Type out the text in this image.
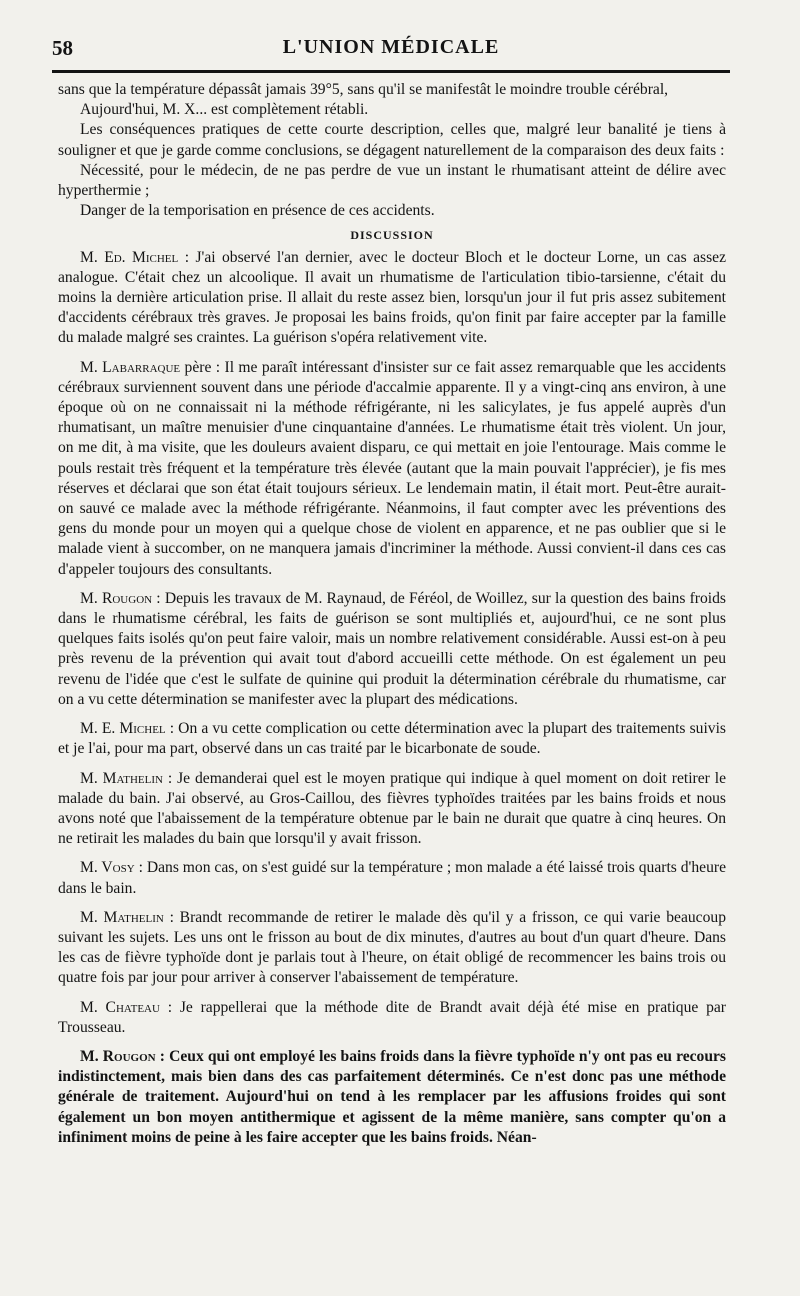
58	L'UNION MÉDICALE

sans que la température dépassât jamais 39°5, sans qu'il se manifestât le moindre trouble cérébral,

Aujourd'hui, M. X... est complètement rétabli.

Les conséquences pratiques de cette courte description, celles que, malgré leur banalité je tiens à souligner et que je garde comme conclusions, se dégagent naturellement de la comparaison des deux faits :

Nécessité, pour le médecin, de ne pas perdre de vue un instant le rhumatisant atteint de délire avec hyperthermie ;

Danger de la temporisation en présence de ces accidents.

DISCUSSION

M. Ed. Michel : J'ai observé l'an dernier, avec le docteur Bloch et le docteur Lorne, un cas assez analogue. C'était chez un alcoolique. Il avait un rhumatisme de l'articulation tibio-tarsienne, c'était du moins la dernière articulation prise. Il allait du reste assez bien, lorsqu'un jour il fut pris assez subitement d'accidents cérébraux très graves. Je proposai les bains froids, qu'on finit par faire accepter par la famille du malade malgré ses craintes. La guérison s'opéra relativement vite.

M. Labarraque père : Il me paraît intéressant d'insister sur ce fait assez remarquable que les accidents cérébraux surviennent souvent dans une période d'accalmie apparente. Il y a vingt-cinq ans environ, à une époque où on ne connaissait ni la méthode réfrigérante, ni les salicylates, je fus appelé auprès d'un rhumatisant, un maître menuisier d'une cinquantaine d'années. Le rhumatisme était très violent. Un jour, on me dit, à ma visite, que les douleurs avaient disparu, ce qui mettait en joie l'entourage. Mais comme le pouls restait très fréquent et la température très élevée (autant que la main pouvait l'apprécier), je fis mes réserves et déclarai que son état était toujours sérieux. Le lendemain matin, il était mort. Peut-être aurait-on sauvé ce malade avec la méthode réfrigérante. Néanmoins, il faut compter avec les préventions des gens du monde pour un moyen qui a quelque chose de violent en apparence, et ne pas oublier que si le malade vient à succomber, on ne manquera jamais d'incriminer la méthode. Aussi convient-il dans ces cas d'appeler toujours des consultants.

M. Rougon : Depuis les travaux de M. Raynaud, de Féréol, de Woillez, sur la question des bains froids dans le rhumatisme cérébral, les faits de guérison se sont multipliés et, aujourd'hui, ce ne sont plus quelques faits isolés qu'on peut faire valoir, mais un nombre relativement considérable. Aussi est-on à peu près revenu de la prévention qui avait tout d'abord accueilli cette méthode. On est également un peu revenu de l'idée que c'est le sulfate de quinine qui produit la détermination cérébrale du rhumatisme, car on a vu cette détermination se manifester avec la plupart des médications.

M. E. Michel : On a vu cette complication ou cette détermination avec la plupart des traitements suivis et je l'ai, pour ma part, observé dans un cas traité par le bicarbonate de soude.

M. Mathelin : Je demanderai quel est le moyen pratique qui indique à quel moment on doit retirer le malade du bain. J'ai observé, au Gros-Caillou, des fièvres typhoïdes traitées par les bains froids et nous avons noté que l'abaissement de la température obtenue par le bain ne durait que quatre à cinq heures. On ne retirait les malades du bain que lorsqu'il y avait frisson.

M. Vosy : Dans mon cas, on s'est guidé sur la température ; mon malade a été laissé trois quarts d'heure dans le bain.

M. Mathelin : Brandt recommande de retirer le malade dès qu'il y a frisson, ce qui varie beaucoup suivant les sujets. Les uns ont le frisson au bout de dix minutes, d'autres au bout d'un quart d'heure. Dans les cas de fièvre typhoïde dont je parlais tout à l'heure, on était obligé de recommencer les bains trois ou quatre fois par jour pour arriver à conserver l'abaissement de température.

M. Chateau : Je rappellerai que la méthode dite de Brandt avait déjà été mise en pratique par Trousseau.

M. Rougon : Ceux qui ont employé les bains froids dans la fièvre typhoïde n'y ont pas eu recours indistinctement, mais bien dans des cas parfaitement déterminés. Ce n'est donc pas une méthode générale de traitement. Aujourd'hui on tend à les remplacer par les affusions froides qui sont également un bon moyen antithermique et agissent de la même manière, sans compter qu'on a infiniment moins de peine à les faire accepter que les bains froids. Néan-
